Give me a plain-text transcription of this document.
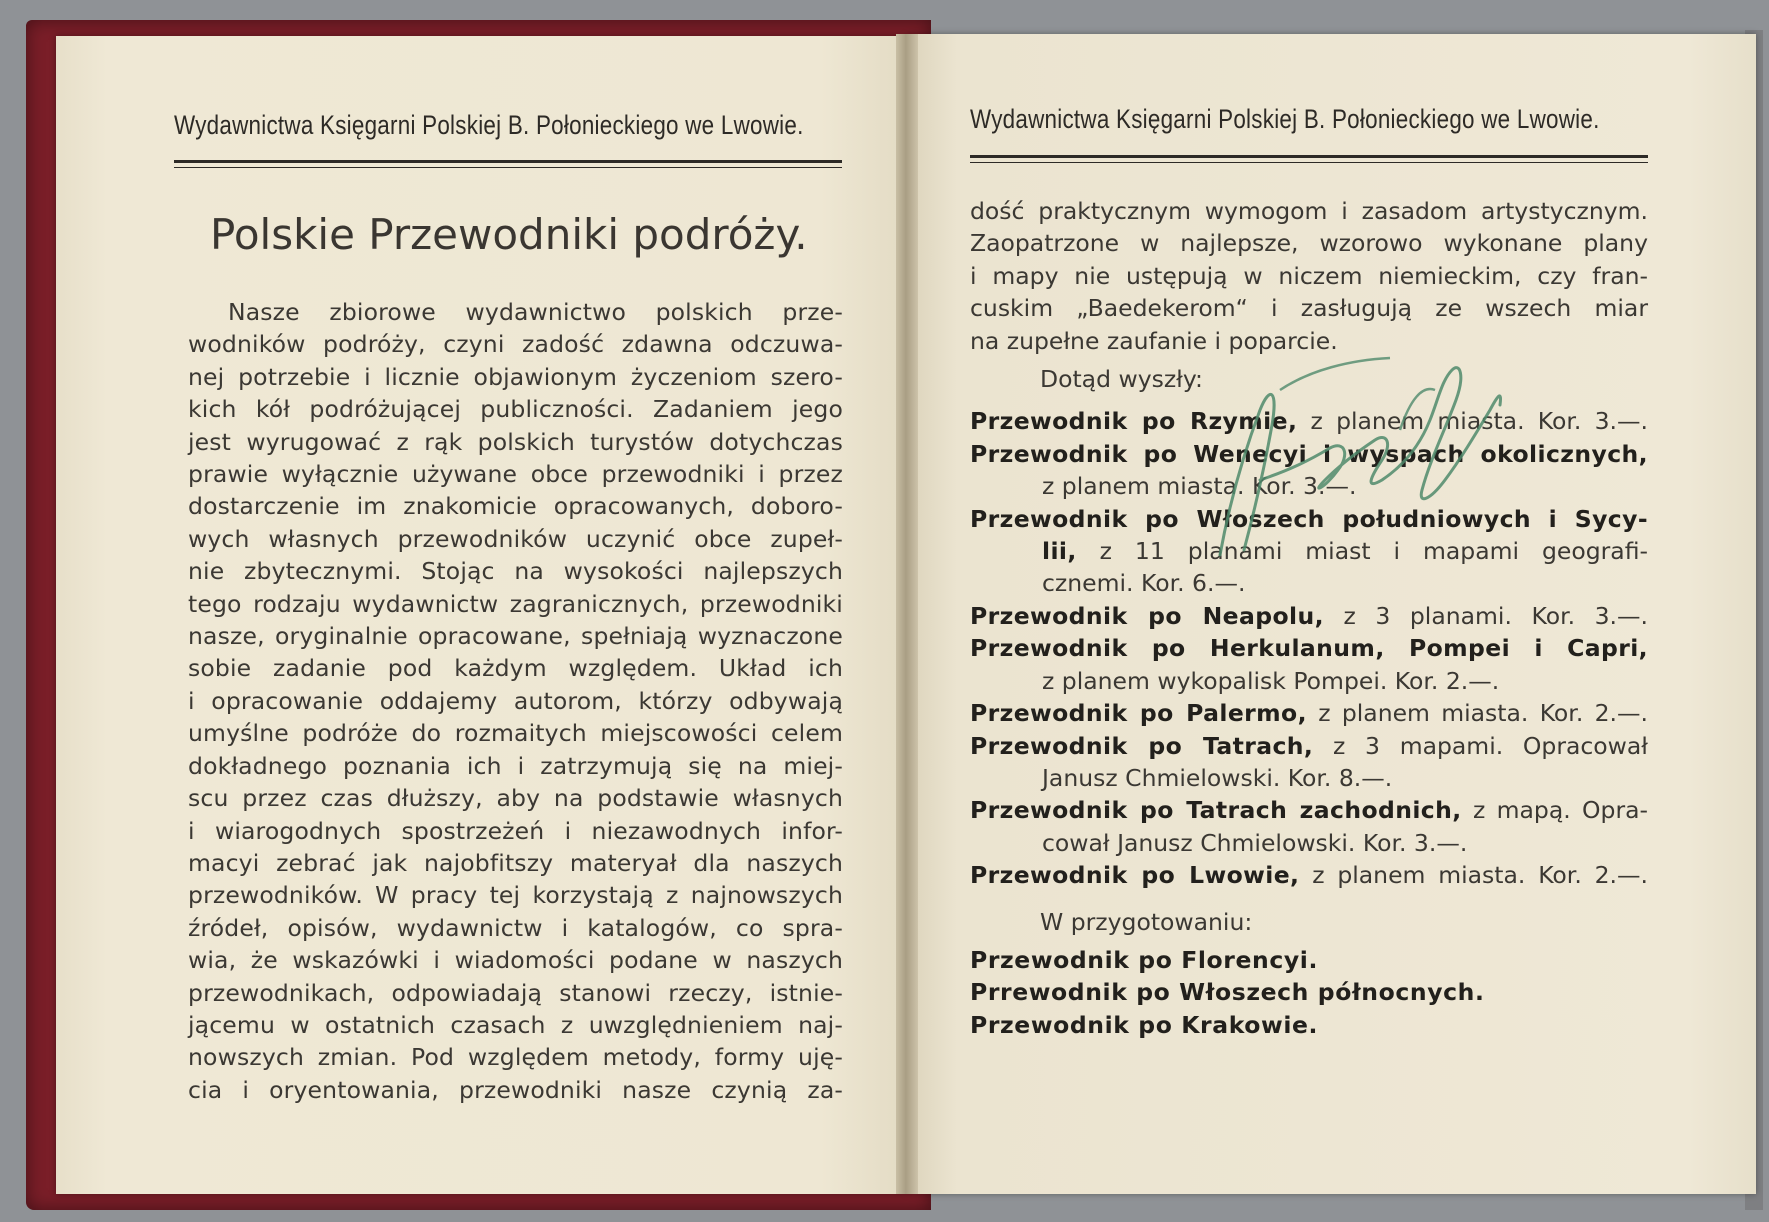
Wydawnictwa Księgarni Polskiej B. Połonieckiego we Lwowie.
Polskie Przewodniki podróży.
Nasze zbiorowe wydawnictwo polskich prze-
wodników podróży, czyni zadość zdawna odczuwa-
nej potrzebie i licznie objawionym życzeniom szero-
kich kół podróżującej publiczności. Zadaniem jego
jest wyrugować z rąk polskich turystów dotychczas
prawie wyłącznie używane obce przewodniki i przez
dostarczenie im znakomicie opracowanych, doboro-
wych własnych przewodników uczynić obce zupeł-
nie zbytecznymi. Stojąc na wysokości najlepszych
tego rodzaju wydawnictw zagranicznych, przewodniki
nasze, oryginalnie opracowane, spełniają wyznaczone
sobie zadanie pod każdym względem. Układ ich
i opracowanie oddajemy autorom, którzy odbywają
umyślne podróże do rozmaitych miejscowości celem
dokładnego poznania ich i zatrzymują się na miej-
scu przez czas dłuższy, aby na podstawie własnych
i wiarogodnych spostrzeżeń i niezawodnych infor-
macyi zebrać jak najobfitszy materyał dla naszych
przewodników. W pracy tej korzystają z najnowszych
źródeł, opisów, wydawnictw i katalogów, co spra-
wia, że wskazówki i wiadomości podane w naszych
przewodnikach, odpowiadają stanowi rzeczy, istnie-
jącemu w ostatnich czasach z uwzględnieniem naj-
nowszych zmian. Pod względem metody, formy uję-
cia i oryentowania, przewodniki nasze czynią za-
Wydawnictwa Księgarni Polskiej B. Połonieckiego we Lwowie.
dość praktycznym wymogom i zasadom artystycznym.
Zaopatrzone w najlepsze, wzorowo wykonane plany
i mapy nie ustępują w niczem niemieckim, czy fran-
cuskim „Baedekerom“ i zasługują ze wszech miar
na zupełne zaufanie i poparcie.
Dotąd wyszły:
Przewodnik po Rzymie, z planem miasta. Kor. 3.—.
Przewodnik po Wenecyi i wyspach okolicznych,
z planem miasta. Kor. 3.—.
Przewodnik po Włoszech południowych i Sycy-
lii, z 11 planami miast i mapami geografi-
cznemi. Kor. 6.—.
Przewodnik po Neapolu, z 3 planami. Kor. 3.—.
Przewodnik po Herkulanum, Pompei i Capri,
z planem wykopalisk Pompei. Kor. 2.—.
Przewodnik po Palermo, z planem miasta. Kor. 2.—.
Przewodnik po Tatrach, z 3 mapami. Opracował
Janusz Chmielowski. Kor. 8.—.
Przewodnik po Tatrach zachodnich, z mapą. Opra-
cował Janusz Chmielowski. Kor. 3.—.
Przewodnik po Lwowie, z planem miasta. Kor. 2.—.
W przygotowaniu:
Przewodnik po Florencyi.
Prrewodnik po Włoszech północnych.
Przewodnik po Krakowie.
